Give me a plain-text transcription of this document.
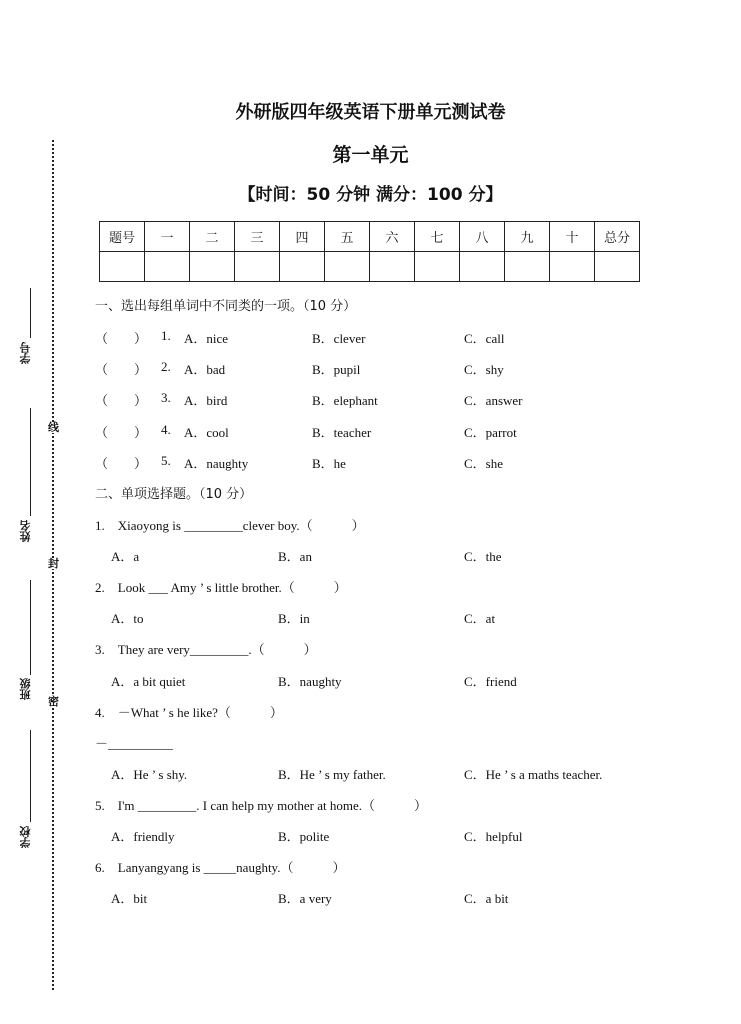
学号
姓名
班级
学校
线
封
密
外研版四年级英语下册单元测试卷
第一单元
【时间：50 分钟 满分：100 分】
题号	一	二	三	四	五	六	七	八	九	十	总分

一、选出每组单词中不同类的一项。（10 分）
（　　） 1. A．nice	B．clever	C．call
（　　） 2. A．bad	B．pupil	C．shy
（　　） 3. A．bird	B．elephant	C．answer
（　　） 4. A．cool	B．teacher	C．parrot
（　　） 5. A．naughty	B．he	C．she
二、单项选择题。（10 分）
1.　Xiaoyong is _________clever boy.（　　　）
A．a	B．an	C．the
2.　Look ___ Amy ’ s little brother.（　　　）
A．to	B．in	C．at
3.　They are very_________.（　　　）
A．a bit quiet	B．naughty	C．friend
4.　－What ’ s he like?（　　　）
－__________
A．He ’ s shy.	B．He ’ s my father.	C．He ’ s a maths teacher.
5.　I'm _________. I can help my mother at home.（　　　）
A．friendly	B．polite	C．helpful
6.　Lanyangyang is _____naughty.（　　　）
A．bit	B．a very	C．a bit
